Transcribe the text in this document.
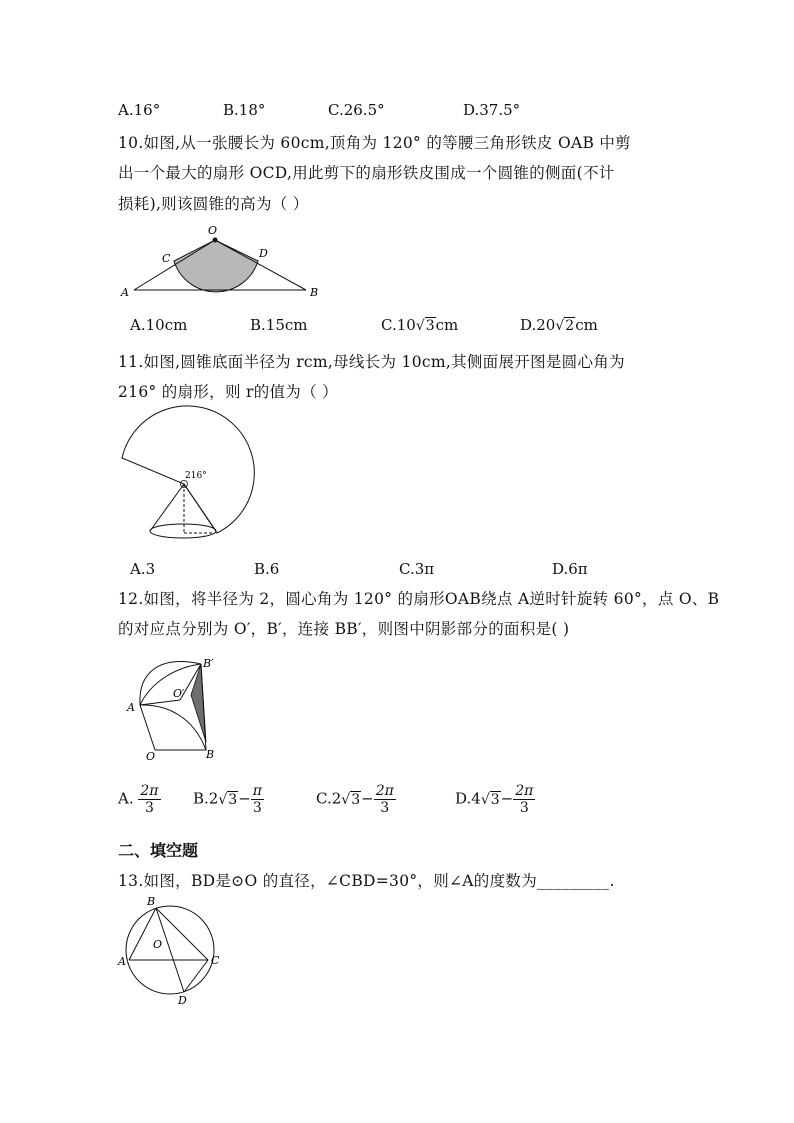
A.16°	B.18°	C.26.5°	D.37.5°
10.如图,从一张腰长为 60cm,顶角为 120° 的等腰三角形铁皮 OAB 中剪
出一个最大的扇形 OCD,用此剪下的扇形铁皮围成一个圆锥的侧面(不计
损耗),则该圆锥的高为（ ）
O
C	D
A	B
A.10cm	B.15cm	C.10√3cm	D.20√2cm
11.如图,圆锥底面半径为 rcm,母线长为 10cm,其侧面展开图是圆心角为
216° 的扇形，则 r的值为（ ）
216°
A.3	B.6	C.3π	D.6π
12.如图，将半径为 2，圆心角为 120° 的扇形OAB绕点 A逆时针旋转 60°，点 O、B
的对应点分别为 O′，B′，连接 BB′，则图中阴影部分的面积是( )
A
O	B
O′
B′
A. $\frac{2\pi}{3} B.2√3- \frac{\pi}{3}$	$C.2√3- \frac{2\pi}{3}$	$D.4√3- \frac{2\pi}{3}$
二、填空题
13.如图，BD是⊙O 的直径，∠CBD=30°，则∠A的度数为_________.
B
A	C
D
O
